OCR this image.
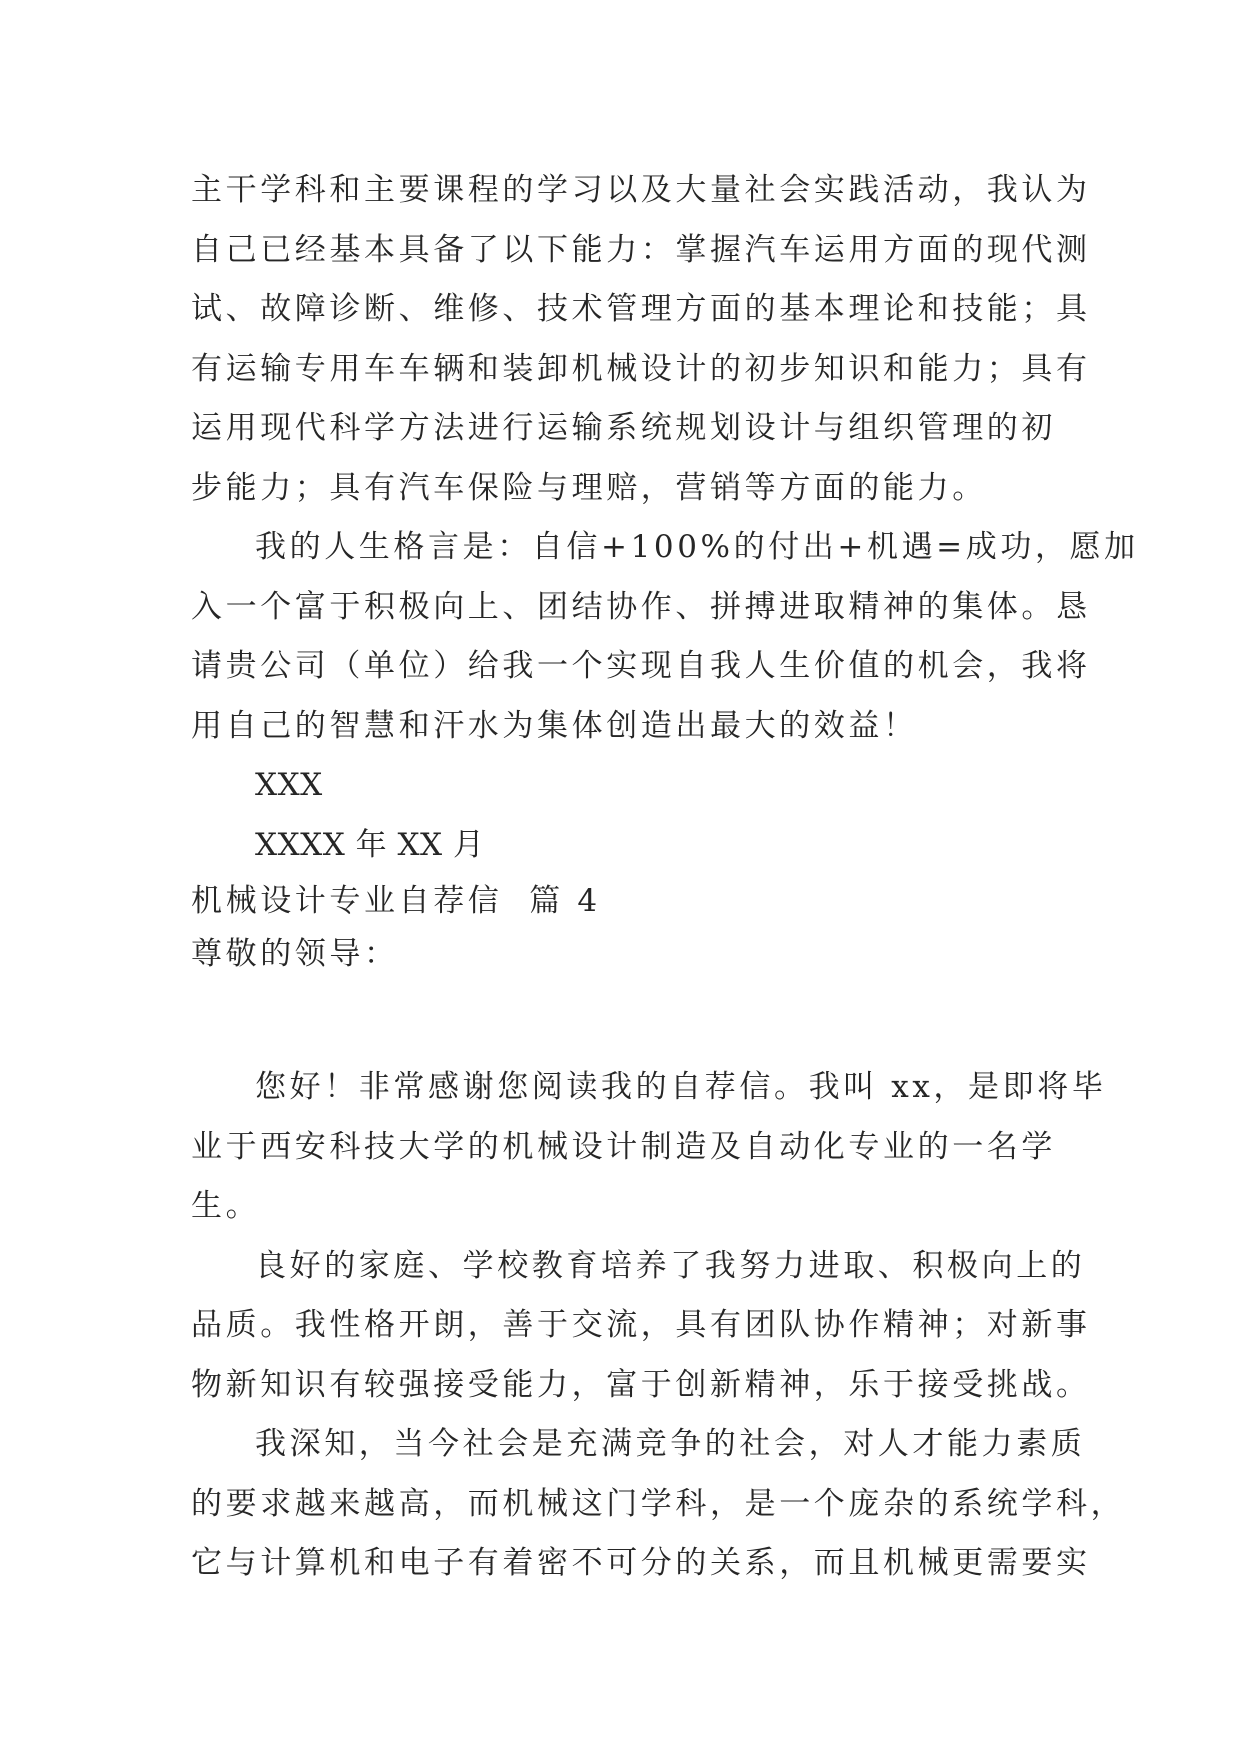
主干学科和主要课程的学习以及大量社会实践活动，我认为
自己已经基本具备了以下能力：掌握汽车运用方面的现代测
试、故障诊断、维修、技术管理方面的基本理论和技能；具
有运输专用车车辆和装卸机械设计的初步知识和能力；具有
运用现代科学方法进行运输系统规划设计与组织管理的初
步能力；具有汽车保险与理赔，营销等方面的能力。
我的人生格言是：自信+100%的付出+机遇=成功，愿加
入一个富于积极向上、团结协作、拼搏进取精神的集体。恳
请贵公司（单位）给我一个实现自我人生价值的机会，我将
用自己的智慧和汗水为集体创造出最大的效益！
XXX
XXXX 年 XX 月
机械设计专业自荐信  篇 4
尊敬的领导：
您好！非常感谢您阅读我的自荐信。我叫 xx，是即将毕
业于西安科技大学的机械设计制造及自动化专业的一名学
生。
良好的家庭、学校教育培养了我努力进取、积极向上的
品质。我性格开朗，善于交流，具有团队协作精神；对新事
物新知识有较强接受能力，富于创新精神，乐于接受挑战。
我深知，当今社会是充满竞争的社会，对人才能力素质
的要求越来越高，而机械这门学科，是一个庞杂的系统学科，
它与计算机和电子有着密不可分的关系，而且机械更需要实
